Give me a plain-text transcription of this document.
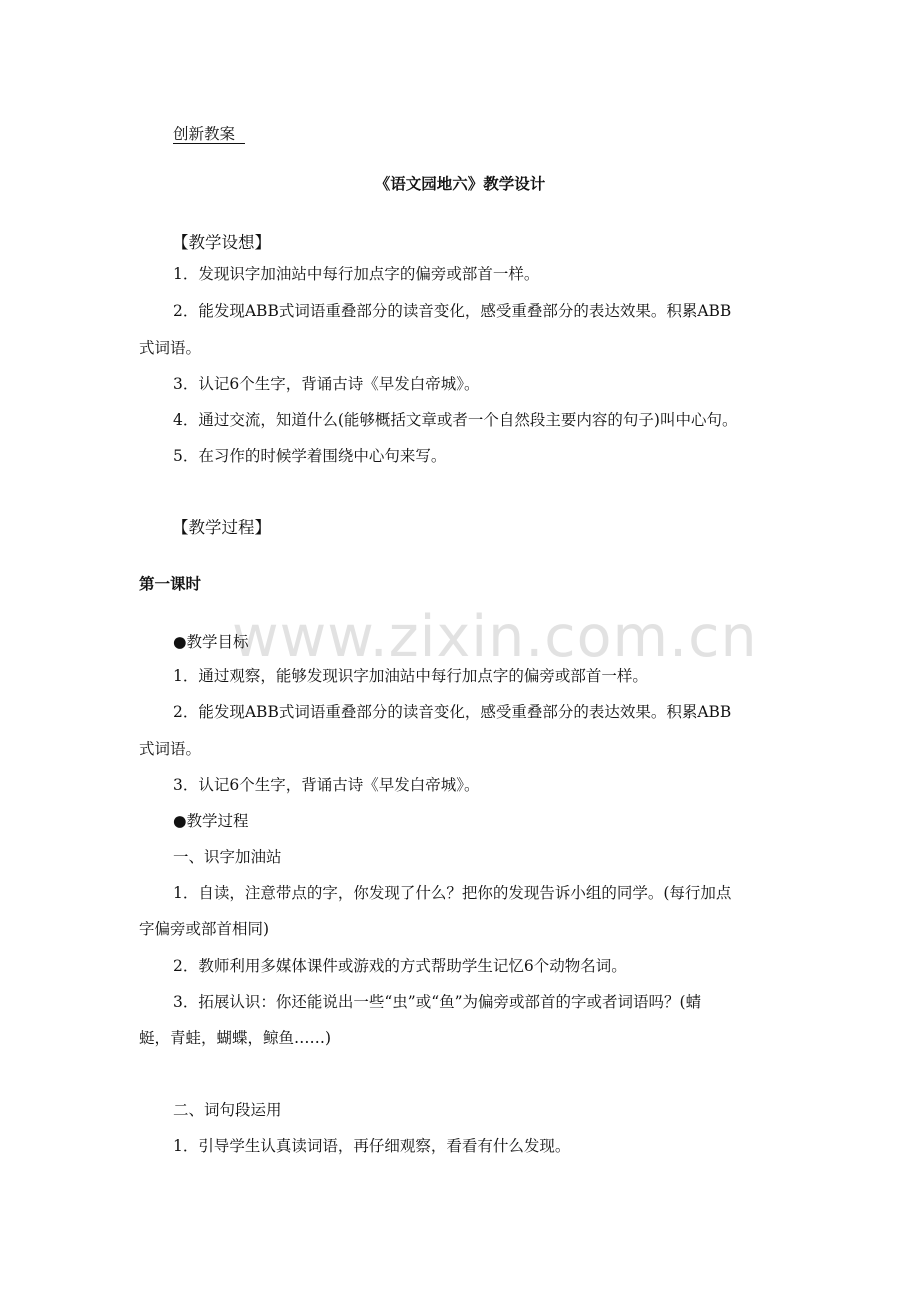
www.zixin.com.cn
创新教案
《语文园地六》教学设计
【教学设想】
1．发现识字加油站中每行加点字的偏旁或部首一样。
2．能发现ABB式词语重叠部分的读音变化，感受重叠部分的表达效果。积累ABB
式词语。
3．认记6个生字，背诵古诗《早发白帝城》。
4．通过交流，知道什么(能够概括文章或者一个自然段主要内容的句子)叫中心句。
5．在习作的时候学着围绕中心句来写。
【教学过程】
第一课时
●教学目标
1．通过观察，能够发现识字加油站中每行加点字的偏旁或部首一样。
2．能发现ABB式词语重叠部分的读音变化，感受重叠部分的表达效果。积累ABB
式词语。
3．认记6个生字，背诵古诗《早发白帝城》。
●教学过程
一、识字加油站
1．自读，注意带点的字，你发现了什么？把你的发现告诉小组的同学。(每行加点
字偏旁或部首相同)
2．教师利用多媒体课件或游戏的方式帮助学生记忆6个动物名词。
3．拓展认识：你还能说出一些“虫”或“鱼”为偏旁或部首的字或者词语吗？(蜻
蜓，青蛙，蝴蝶，鲸鱼……)
二、词句段运用
1．引导学生认真读词语，再仔细观察，看看有什么发现。
